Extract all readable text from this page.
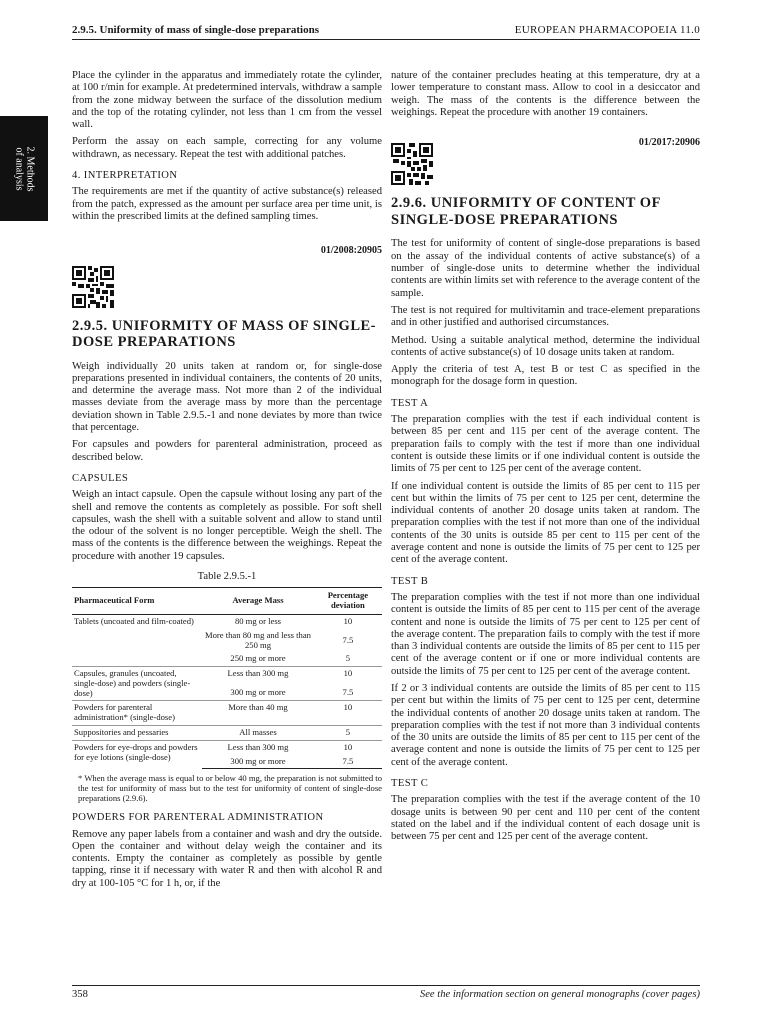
2.9.5. Uniformity of mass of single-dose preparations	EUROPEAN PHARMACOPOEIA 11.0
2. Methods
of analysis

Place the cylinder in the apparatus and immediately rotate the cylinder, at 100 r/min for example. At predetermined intervals, withdraw a sample from the zone midway between the surface of the dissolution medium and the top of the rotating cylinder, not less than 1 cm from the vessel wall.

Perform the assay on each sample, correcting for any volume withdrawn, as necessary. Repeat the test with additional patches.

4. INTERPRETATION

The requirements are met if the quantity of active substance(s) released from the patch, expressed as the amount per surface area per time unit, is within the prescribed limits at the defined sampling times.

01/2008:20905
2.9.5. UNIFORMITY OF MASS OF SINGLE-DOSE PREPARATIONS

Weigh individually 20 units taken at random or, for single-dose preparations presented in individual containers, the contents of 20 units, and determine the average mass. Not more than 2 of the individual masses deviate from the average mass by more than the percentage deviation shown in Table 2.9.5.-1 and none deviates by more than twice that percentage.

For capsules and powders for parenteral administration, proceed as described below.

CAPSULES

Weigh an intact capsule. Open the capsule without losing any part of the shell and remove the contents as completely as possible. For soft shell capsules, wash the shell with a suitable solvent and allow to stand until the odour of the solvent is no longer perceptible. Weigh the shell. The mass of the contents is the difference between the weighings. Repeat the procedure with another 19 capsules.

Table 2.9.5.-1
Pharmaceutical Form	Average Mass	Percentage deviation
Tablets (uncoated and film-coated)	80 mg or less	10
	More than 80 mg and less than 250 mg	7.5
	250 mg or more	5
Capsules, granules (uncoated, single-dose) and powders (single-dose)	Less than 300 mg	10
	300 mg or more	7.5
Powders for parenteral administration* (single-dose)	More than 40 mg	10
Suppositories and pessaries	All masses	5
Powders for eye-drops and powders for eye lotions (single-dose)	Less than 300 mg	10
	300 mg or more	7.5
* When the average mass is equal to or below 40 mg, the preparation is not submitted to the test for uniformity of mass but to the test for uniformity of content of single-dose preparations (2.9.6).
POWDERS FOR PARENTERAL ADMINISTRATION

Remove any paper labels from a container and wash and dry the outside. Open the container and without delay weigh the container and its contents. Empty the container as completely as possible by gentle tapping, rinse it if necessary with water R and then with alcohol R and dry at 100-105 °C for 1 h, or, if the

nature of the container precludes heating at this temperature, dry at a lower temperature to constant mass. Allow to cool in a desiccator and weigh. The mass of the contents is the difference between the weighings. Repeat the procedure with another 19 containers.

01/2017:20906
2.9.6. UNIFORMITY OF CONTENT OF SINGLE-DOSE PREPARATIONS

The test for uniformity of content of single-dose preparations is based on the assay of the individual contents of active substance(s) of a number of single-dose units to determine whether the individual contents are within limits set with reference to the average content of the sample.

The test is not required for multivitamin and trace-element preparations and in other justified and authorised circumstances.

Method. Using a suitable analytical method, determine the individual contents of active substance(s) of 10 dosage units taken at random.

Apply the criteria of test A, test B or test C as specified in the monograph for the dosage form in question.

TEST A

The preparation complies with the test if each individual content is between 85 per cent and 115 per cent of the average content. The preparation fails to comply with the test if more than one individual content is outside these limits or if one individual content is outside the limits of 75 per cent to 125 per cent of the average content.

If one individual content is outside the limits of 85 per cent to 115 per cent but within the limits of 75 per cent to 125 per cent, determine the individual contents of another 20 dosage units taken at random. The preparation complies with the test if not more than one of the individual contents of the 30 units is outside 85 per cent to 115 per cent of the average content and none is outside the limits of 75 per cent to 125 per cent of the average content.

TEST B

The preparation complies with the test if not more than one individual content is outside the limits of 85 per cent to 115 per cent of the average content and none is outside the limits of 75 per cent to 125 per cent of the average content. The preparation fails to comply with the test if more than 3 individual contents are outside the limits of 85 per cent to 115 per cent of the average content or if one or more individual contents are outside the limits of 75 per cent to 125 per cent of the average content.

If 2 or 3 individual contents are outside the limits of 85 per cent to 115 per cent but within the limits of 75 per cent to 125 per cent, determine the individual contents of another 20 dosage units taken at random. The preparation complies with the test if not more than 3 individual contents of the 30 units are outside the limits of 85 per cent to 115 per cent of the average content and none is outside the limits of 75 per cent to 125 per cent of the average content.

TEST C

The preparation complies with the test if the average content of the 10 dosage units is between 90 per cent and 110 per cent of the content stated on the label and if the individual content of each dosage unit is between 75 per cent and 125 per cent of the average content.

358	See the information section on general monographs (cover pages)
